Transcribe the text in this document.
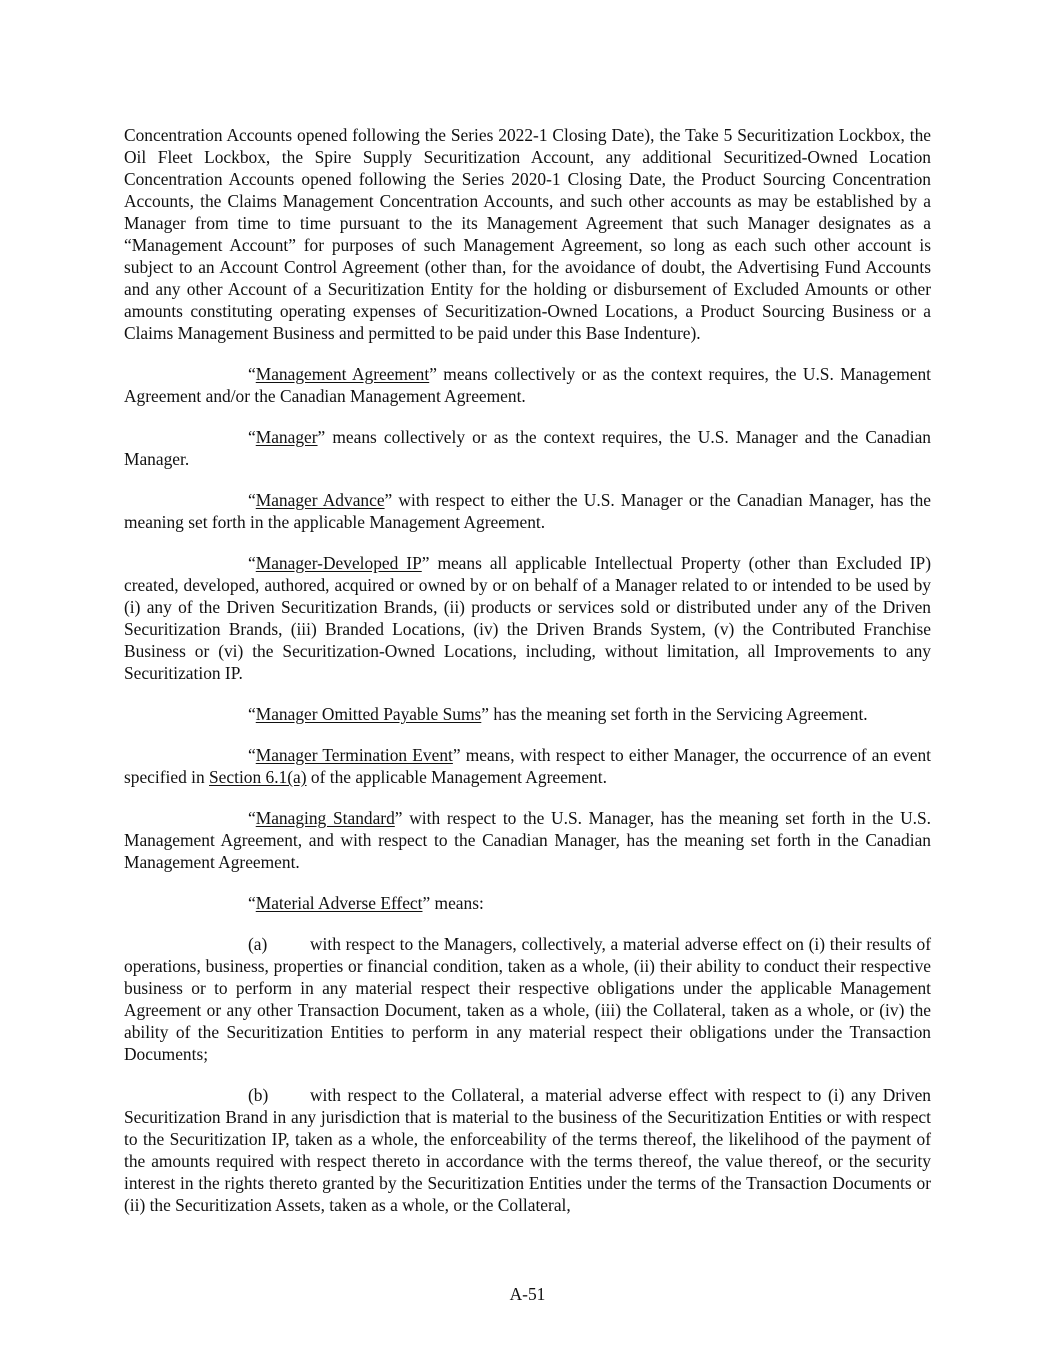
Concentration Accounts opened following the Series 2022-1 Closing Date), the Take 5 Securitization Lockbox, the Oil Fleet Lockbox, the Spire Supply Securitization Account, any additional Securitized-Owned Location Concentration Accounts opened following the Series 2020-1 Closing Date, the Product Sourcing Concentration Accounts, the Claims Management Concentration Accounts, and such other accounts as may be established by a Manager from time to time pursuant to the its Management Agreement that such Manager designates as a “Management Account” for purposes of such Management Agreement, so long as each such other account is subject to an Account Control Agreement (other than, for the avoidance of doubt, the Advertising Fund Accounts and any other Account of a Securitization Entity for the holding or disbursement of Excluded Amounts or other amounts constituting operating expenses of Securitization-Owned Locations, a Product Sourcing Business or a Claims Management Business and permitted to be paid under this Base Indenture).

“Management Agreement” means collectively or as the context requires, the U.S. Management Agreement and/or the Canadian Management Agreement.

“Manager” means collectively or as the context requires, the U.S. Manager and the Canadian Manager.

“Manager Advance” with respect to either the U.S. Manager or the Canadian Manager, has the meaning set forth in the applicable Management Agreement.

“Manager-Developed IP” means all applicable Intellectual Property (other than Excluded IP) created, developed, authored, acquired or owned by or on behalf of a Manager related to or intended to be used by (i) any of the Driven Securitization Brands, (ii) products or services sold or distributed under any of the Driven Securitization Brands, (iii) Branded Locations, (iv) the Driven Brands System, (v) the Contributed Franchise Business or (vi) the Securitization-Owned Locations, including, without limitation, all Improvements to any Securitization IP.

“Manager Omitted Payable Sums” has the meaning set forth in the Servicing Agreement.

“Manager Termination Event” means, with respect to either Manager, the occurrence of an event specified in Section 6.1(a) of the applicable Management Agreement.

“Managing Standard” with respect to the U.S. Manager, has the meaning set forth in the U.S. Management Agreement, and with respect to the Canadian Manager, has the meaning set forth in the Canadian Management Agreement.

“Material Adverse Effect” means:

(a) with respect to the Managers, collectively, a material adverse effect on (i) their results of operations, business, properties or financial condition, taken as a whole, (ii) their ability to conduct their respective business or to perform in any material respect their respective obligations under the applicable Management Agreement or any other Transaction Document, taken as a whole, (iii) the Collateral, taken as a whole, or (iv) the ability of the Securitization Entities to perform in any material respect their obligations under the Transaction Documents;

(b) with respect to the Collateral, a material adverse effect with respect to (i) any Driven Securitization Brand in any jurisdiction that is material to the business of the Securitization Entities or with respect to the Securitization IP, taken as a whole, the enforceability of the terms thereof, the likelihood of the payment of the amounts required with respect thereto in accordance with the terms thereof, the value thereof, or the security interest in the rights thereto granted by the Securitization Entities under the terms of the Transaction Documents or (ii) the Securitization Assets, taken as a whole, or the Collateral,

A-51
